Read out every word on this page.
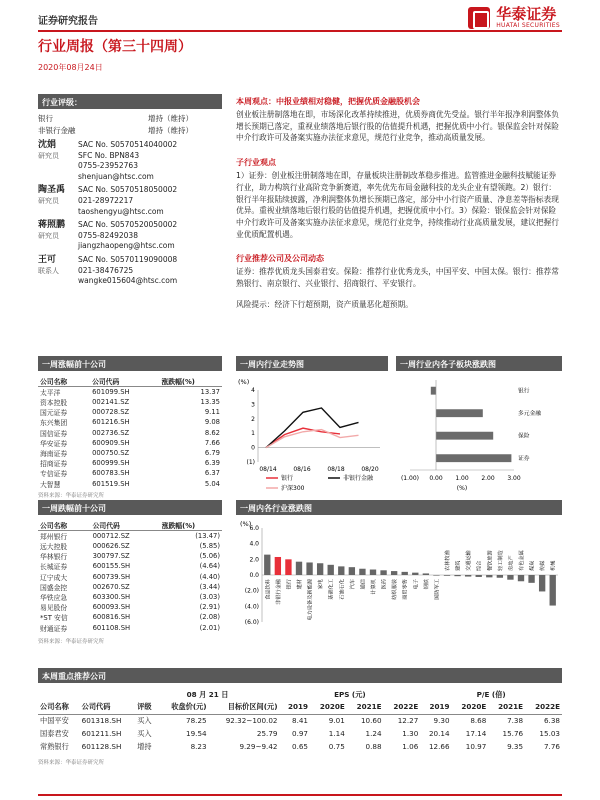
证券研究报告	华泰证券
HUATAI SECURITIES
行业周报（第三十四周）
2020年08月24日
行业评级：
银行	增持（维持）
非银行金融	增持（维持）
沈娟
研究员
SAC No. S0570514040002
SFC No. BPN843
0755-23952763
shenjuan@htsc.com
陶圣禹
研究员
SAC No. S0570518050002
021-28972217
taoshengyu@htsc.com
蒋照鹏
研究员
SAC No. S0570520050002
0755-82492038
jiangzhaopeng@htsc.com
王可
联系人
SAC No. S0570119090008
021-38476725
wangke015604@htsc.com
本周观点：中报业绩相对稳健，把握优质金融股机会
创业板注册制落地在即，市场深化改革持续推进，优质券商优先受益。银行半年报净利润整体负增长预期已落定，重视业绩落地后银行股的估值提升机遇，把握优质中小行。银保监会针对保险中介行政许可及备案实施办法征求意见，规范行业竞争，推动高质量发展。
子行业观点
1）证券：创业板注册制落地在即，存量板块注册制改革稳步推进。监管推进金融科技赋能证券行业，助力构筑行业高阶竞争新赛道，率先优先布局金融科技的龙头企业有望领跑。2）银行：银行半年报陆续披露，净利润整体负增长预期已落定，部分中小行资产质量、净息差等指标表现优异。重视业绩落地后银行股的估值提升机遇，把握优质中小行。3）保险：银保监会针对保险中介行政许可及备案实施办法征求意见，规范行业竞争，持续推动行业高质量发展，建议把握行业优质配置机遇。
行业推荐公司及公司动态
证券：推荐优质龙头国泰君安。保险：推荐行业优秀龙头，中国平安、中国太保。银行：推荐常熟银行、南京银行、兴业银行、招商银行、平安银行。
风险提示：经济下行超预期，资产质量恶化超预期。
一周涨幅前十公司
公司名称	公司代码	涨跌幅(%)
太平洋	601099.SH	13.37
资本控股	002141.SZ	13.35
国元证券	000728.SZ	9.11
东兴集团	601216.SH	9.08
国信证券	002736.SZ	8.62
华安证券	600909.SH	7.66
海南证券	000750.SZ	6.79
招商证券	600999.SH	6.39
专信证券	600783.SH	6.37
大智慧	601519.SH	5.04
资料来源：华泰证券研究所
一周跌幅前十公司
公司名称	公司代码	涨跌幅(%)
郑州银行	000712.SZ	(13.47)
远大控股	000626.SZ	(5.85)
华林银行	300797.SZ	(5.06)
长城证券	600155.SH	(4.64)
辽宁成大	600739.SH	(4.40)
国盛金控	002670.SZ	(3.44)
华铁应急	603300.SH	(3.03)
易见股份	600093.SH	(2.91)
*ST 安信	600816.SH	(2.08)
财通证券	601108.SH	(2.01)
资料来源：华泰证券研究所
一周内行业走势图
(%)
4
3
2
1
0
(1)
08/14	08/16	08/18	08/20
银行	非银行金融
沪深300
一周行业内各子板块涨跌图
银行
多元金融
保险
证券
(1.00) 0.00 1.00 2.00 3.00
(%)
一周内各行业涨跌图
(%)
6.0
4.0
2.0
0.0
(2.0)
(4.0)
(6.0)
食品饮料 非银行金融 银行 建材 电力设备及新能源 家电 基础化工 石油石化 汽车 通信 计算机 医药 纺织服装 商贸零售 电子 钢铁 国防军工
农林牧渔 建筑 交通运输 综合 餐饮旅游 轻工制造 房地产 有色金属 煤炭 传媒 机械
本周重点推荐公司
			08 月 21 日		EPS (元)				P/E (倍)			
公司名称	公司代码	评级	收盘价(元)	目标价区间(元)	2019	2020E	2021E	2022E	2019	2020E	2021E	2022E
中国平安	601318.SH	买入	78.25	92.32~100.02	8.41	9.01	10.60	12.27	9.30	8.68	7.38	6.38
国泰君安	601211.SH	买入	19.54	25.79	0.97	1.14	1.24	1.30	20.14	17.14	15.76	15.03
常熟银行	601128.SH	增持	8.23	9.29~9.42	0.65	0.75	0.88	1.06	12.66	10.97	9.35	7.76
资料来源：华泰证券研究所
